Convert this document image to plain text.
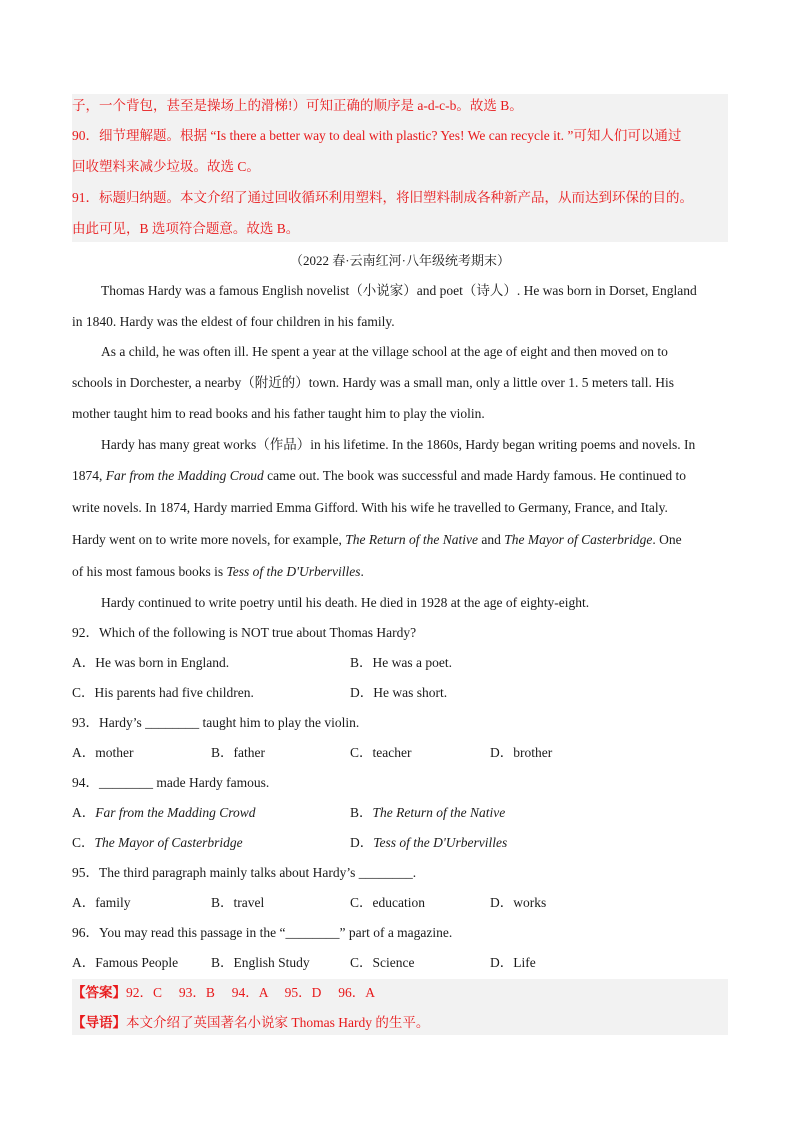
子，一个背包，甚至是操场上的滑梯!）可知正确的顺序是 a-d-c-b。故选 B。
90．细节理解题。根据 “Is there a better way to deal with plastic? Yes! We can recycle it. ”可知人们可以通过
回收塑料来减少垃圾。故选 C。
91．标题归纳题。本文介绍了通过回收循环利用塑料，将旧塑料制成各种新产品，从而达到环保的目的。
由此可见，B 选项符合题意。故选 B。
（2022 春·云南红河·八年级统考期末）
Thomas Hardy was a famous English novelist（小说家）and poet（诗人）. He was born in Dorset, England
in 1840. Hardy was the eldest of four children in his family.
As a child, he was often ill. He spent a year at the village school at the age of eight and then moved on to
schools in Dorchester, a nearby（附近的）town. Hardy was a small man, only a little over 1. 5 meters tall. His
mother taught him to read books and his father taught him to play the violin.
Hardy has many great works（作品）in his lifetime. In the 1860s, Hardy began writing poems and novels. In
1874, Far from the Madding Croud came out. The book was successful and made Hardy famous. He continued to
write novels. In 1874, Hardy married Emma Gifford. With his wife he travelled to Germany, France, and Italy.
Hardy went on to write more novels, for example, The Return of the Native and The Mayor of Casterbridge. One
of his most famous books is Tess of the D'Urbervilles.
Hardy continued to write poetry until his death. He died in 1928 at the age of eighty-eight.
92．Which of the following is NOT true about Thomas Hardy?
A．He was born in England.	B．He was a poet.
C．His parents had five children.	D．He was short.
93．Hardy’s ________ taught him to play the violin.
A．mother	B．father	C．teacher	D．brother
94．________ made Hardy famous.
A．Far from the Madding Crowd	B．The Return of the Native
C．The Mayor of Casterbridge	D．Tess of the D'Urbervilles
95．The third paragraph mainly talks about Hardy’s ________.
A．family	B．travel	C．education	D．works
96．You may read this passage in the “________” part of a magazine.
A．Famous People B．English Study	C．Science	D．Life
【答案】92．C　 93．B　 94．A　 95．D　 96．A
【导语】本文介绍了英国著名小说家 Thomas Hardy 的生平。
